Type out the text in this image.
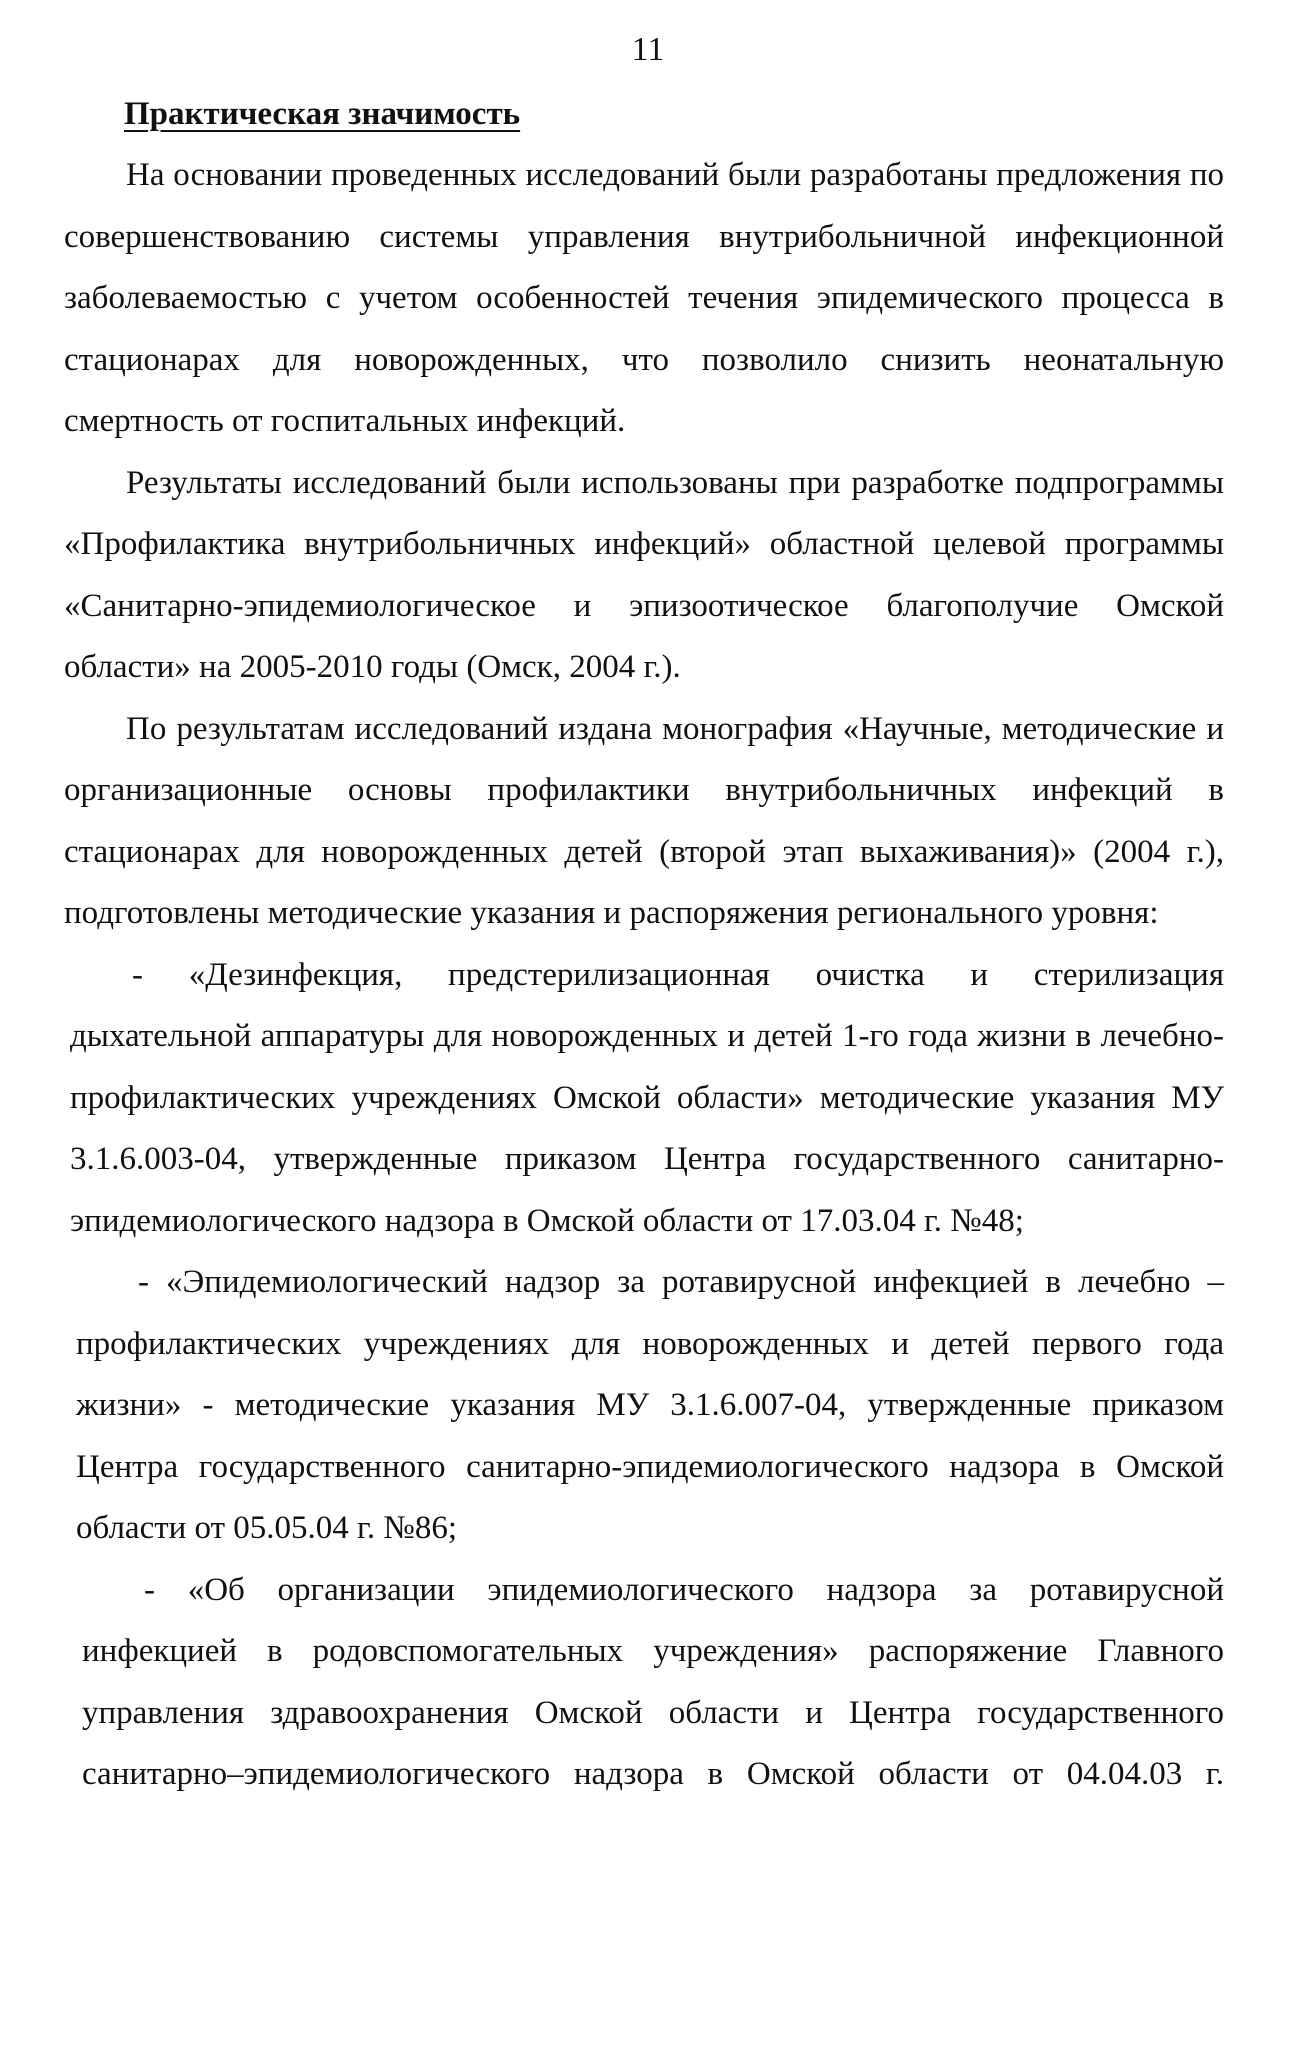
11
Практическая значимость

На основании проведенных исследований были разработаны предложения по совершенствованию системы управления внутрибольничной инфекционной заболеваемостью с учетом особенностей течения эпидемического процесса в стационарах для новорожденных, что позволило снизить неонатальную смертность от госпитальных инфекций.

Результаты исследований были использованы при разработке подпрограммы «Профилактика внутрибольничных инфекций» областной целевой программы «Санитарно-эпидемиологическое и эпизоотическое благополучие Омской области» на 2005-2010 годы (Омск, 2004 г.).

По результатам исследований издана монография «Научные, методические и организационные основы профилактики внутрибольничных инфекций в стационарах для новорожденных детей (второй этап выхаживания)» (2004 г.), подготовлены методические указания и распоряжения регионального уровня:

- «Дезинфекция, предстерилизационная очистка и стерилизация дыхательной аппаратуры для новорожденных и детей 1-го года жизни в лечебно-профилактических учреждениях Омской области» методические указания МУ 3.1.6.003-04, утвержденные приказом Центра государственного санитарно-эпидемиологического надзора в Омской области от 17.03.04 г. №48;

- «Эпидемиологический надзор за ротавирусной инфекцией в лечебно – профилактических учреждениях для новорожденных и детей первого года жизни» - методические указания МУ 3.1.6.007-04, утвержденные приказом Центра государственного санитарно-эпидемиологического надзора в Омской области от 05.05.04 г. №86;

- «Об организации эпидемиологического надзора за ротавирусной инфекцией в родовспомогательных учреждения» распоряжение Главного управления здравоохранения Омской области и Центра государственного санитарно–эпидемиологического надзора в Омской области от 04.04.03 г.
